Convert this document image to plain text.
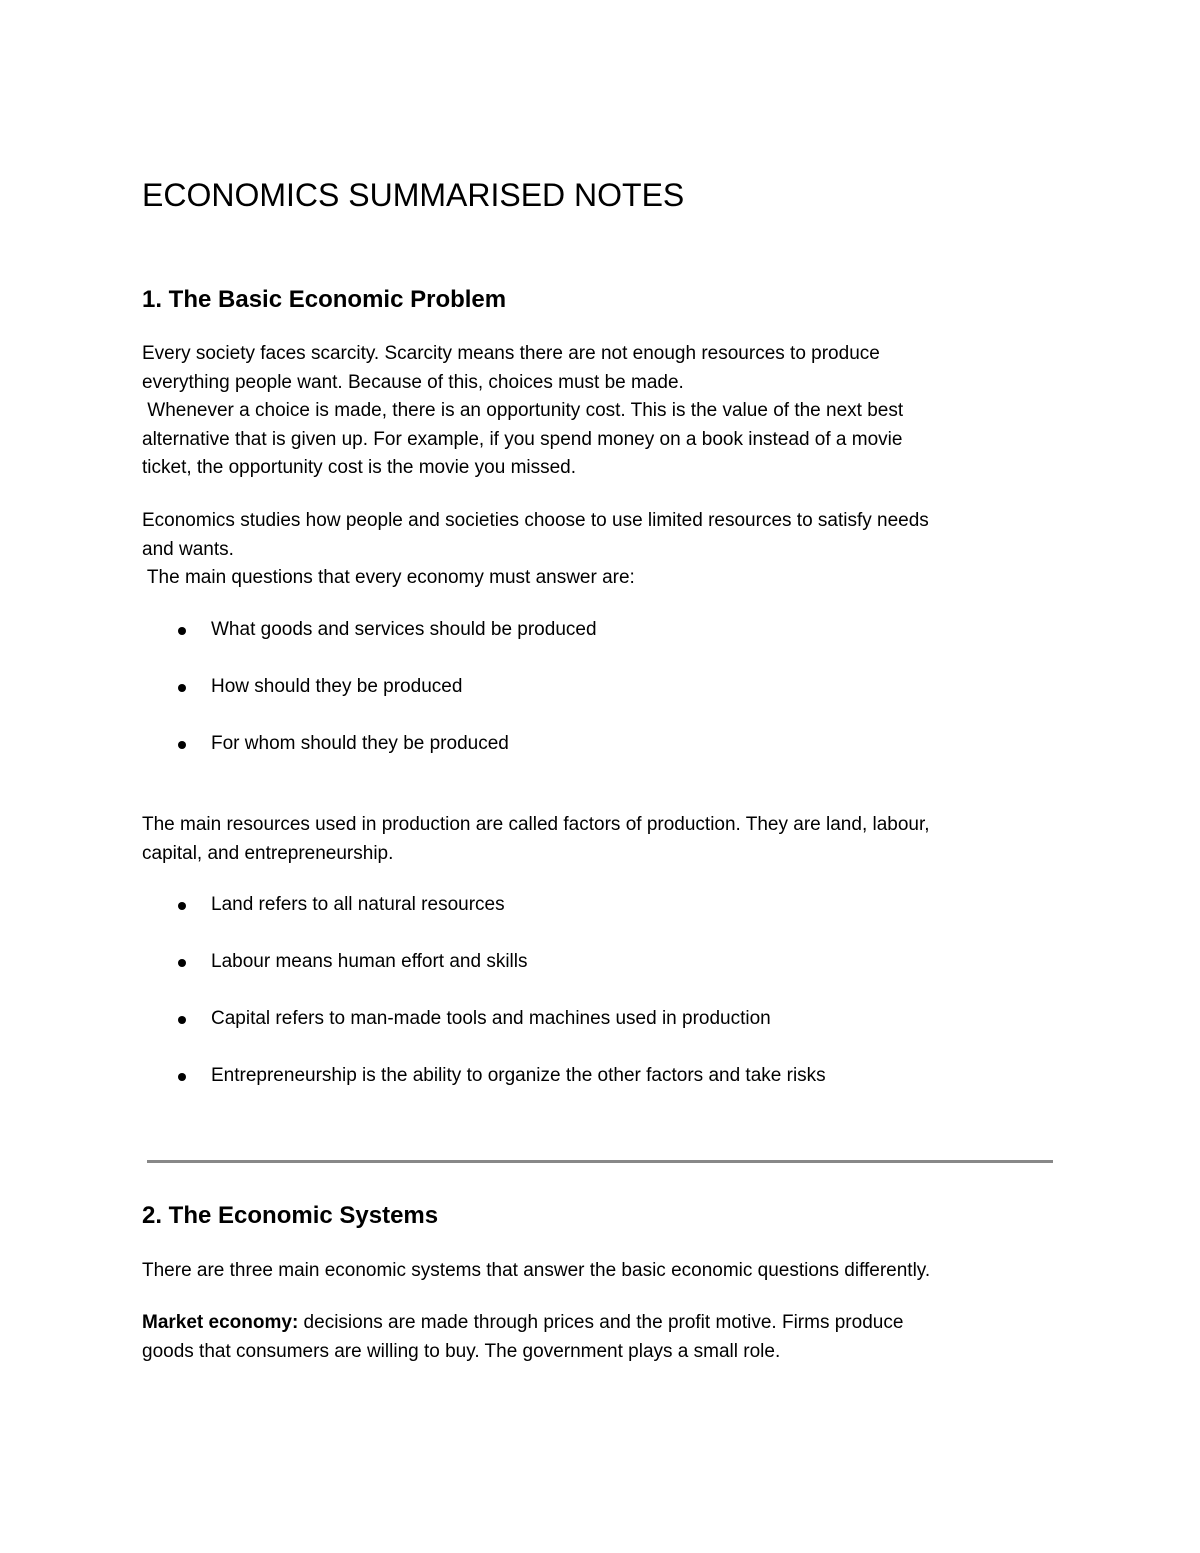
ECONOMICS SUMMARISED NOTES
1. The Basic Economic Problem

Every society faces scarcity. Scarcity means there are not enough resources to produce
everything people want. Because of this, choices must be made.
Whenever a choice is made, there is an opportunity cost. This is the value of the next best
alternative that is given up. For example, if you spend money on a book instead of a movie
ticket, the opportunity cost is the movie you missed.

Economics studies how people and societies choose to use limited resources to satisfy needs
and wants.
The main questions that every economy must answer are:

What goods and services should be produced
How should they be produced
For whom should they be produced

The main resources used in production are called factors of production. They are land, labour,
capital, and entrepreneurship.

Land refers to all natural resources
Labour means human effort and skills
Capital refers to man-made tools and machines used in production
Entrepreneurship is the ability to organize the other factors and take risks
2. The Economic Systems

There are three main economic systems that answer the basic economic questions differently.

Market economy: decisions are made through prices and the profit motive. Firms produce
goods that consumers are willing to buy. The government plays a small role.
